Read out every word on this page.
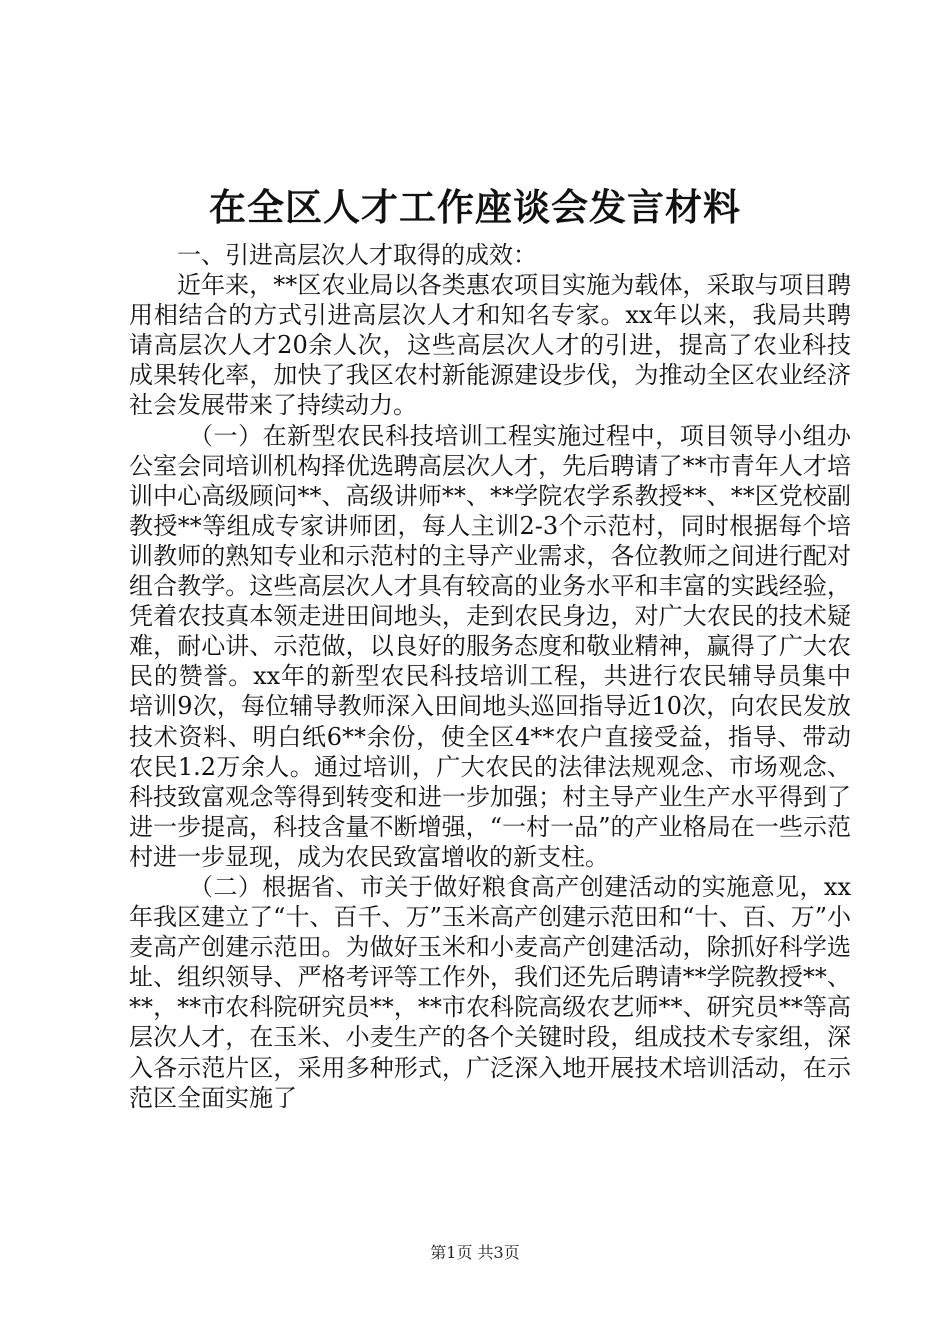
在全区人才工作座谈会发言材料

一、引进高层次人才取得的成效：

近年来，**区农业局以各类惠农项目实施为载体，采取与项目聘用相结合的方式引进高层次人才和知名专家。xx年以来，我局共聘请高层次人才20余人次，这些高层次人才的引进，提高了农业科技成果转化率，加快了我区农村新能源建设步伐，为推动全区农业经济社会发展带来了持续动力。

（一）在新型农民科技培训工程实施过程中，项目领导小组办公室会同培训机构择优选聘高层次人才，先后聘请了**市青年人才培训中心高级顾问**、高级讲师**、**学院农学系教授**、**区党校副教授**等组成专家讲师团，每人主训2-3个示范村，同时根据每个培训教师的熟知专业和示范村的主导产业需求，各位教师之间进行配对组合教学。这些高层次人才具有较高的业务水平和丰富的实践经验，凭着农技真本领走进田间地头，走到农民身边，对广大农民的技术疑难，耐心讲、示范做，以良好的服务态度和敬业精神，赢得了广大农民的赞誉。xx年的新型农民科技培训工程，共进行农民辅导员集中培训9次，每位辅导教师深入田间地头巡回指导近10次，向农民发放技术资料、明白纸6**余份，使全区4**农户直接受益，指导、带动农民1.2万余人。通过培训，广大农民的法律法规观念、市场观念、科技致富观念等得到转变和进一步加强；村主导产业生产水平得到了进一步提高，科技含量不断增强，“一村一品”的产业格局在一些示范村进一步显现，成为农民致富增收的新支柱。

（二）根据省、市关于做好粮食高产创建活动的实施意见，xx年我区建立了“十、百千、万”玉米高产创建示范田和“十、百、万”小麦高产创建示范田。为做好玉米和小麦高产创建活动，除抓好科学选址、组织领导、严格考评等工作外，我们还先后聘请**学院教授**、**，**市农科院研究员**，**市农科院高级农艺师**、研究员**等高层次人才，在玉米、小麦生产的各个关键时段，组成技术专家组，深入各示范片区，采用多种形式，广泛深入地开展技术培训活动，在示范区全面实施了

第1页 共3页
